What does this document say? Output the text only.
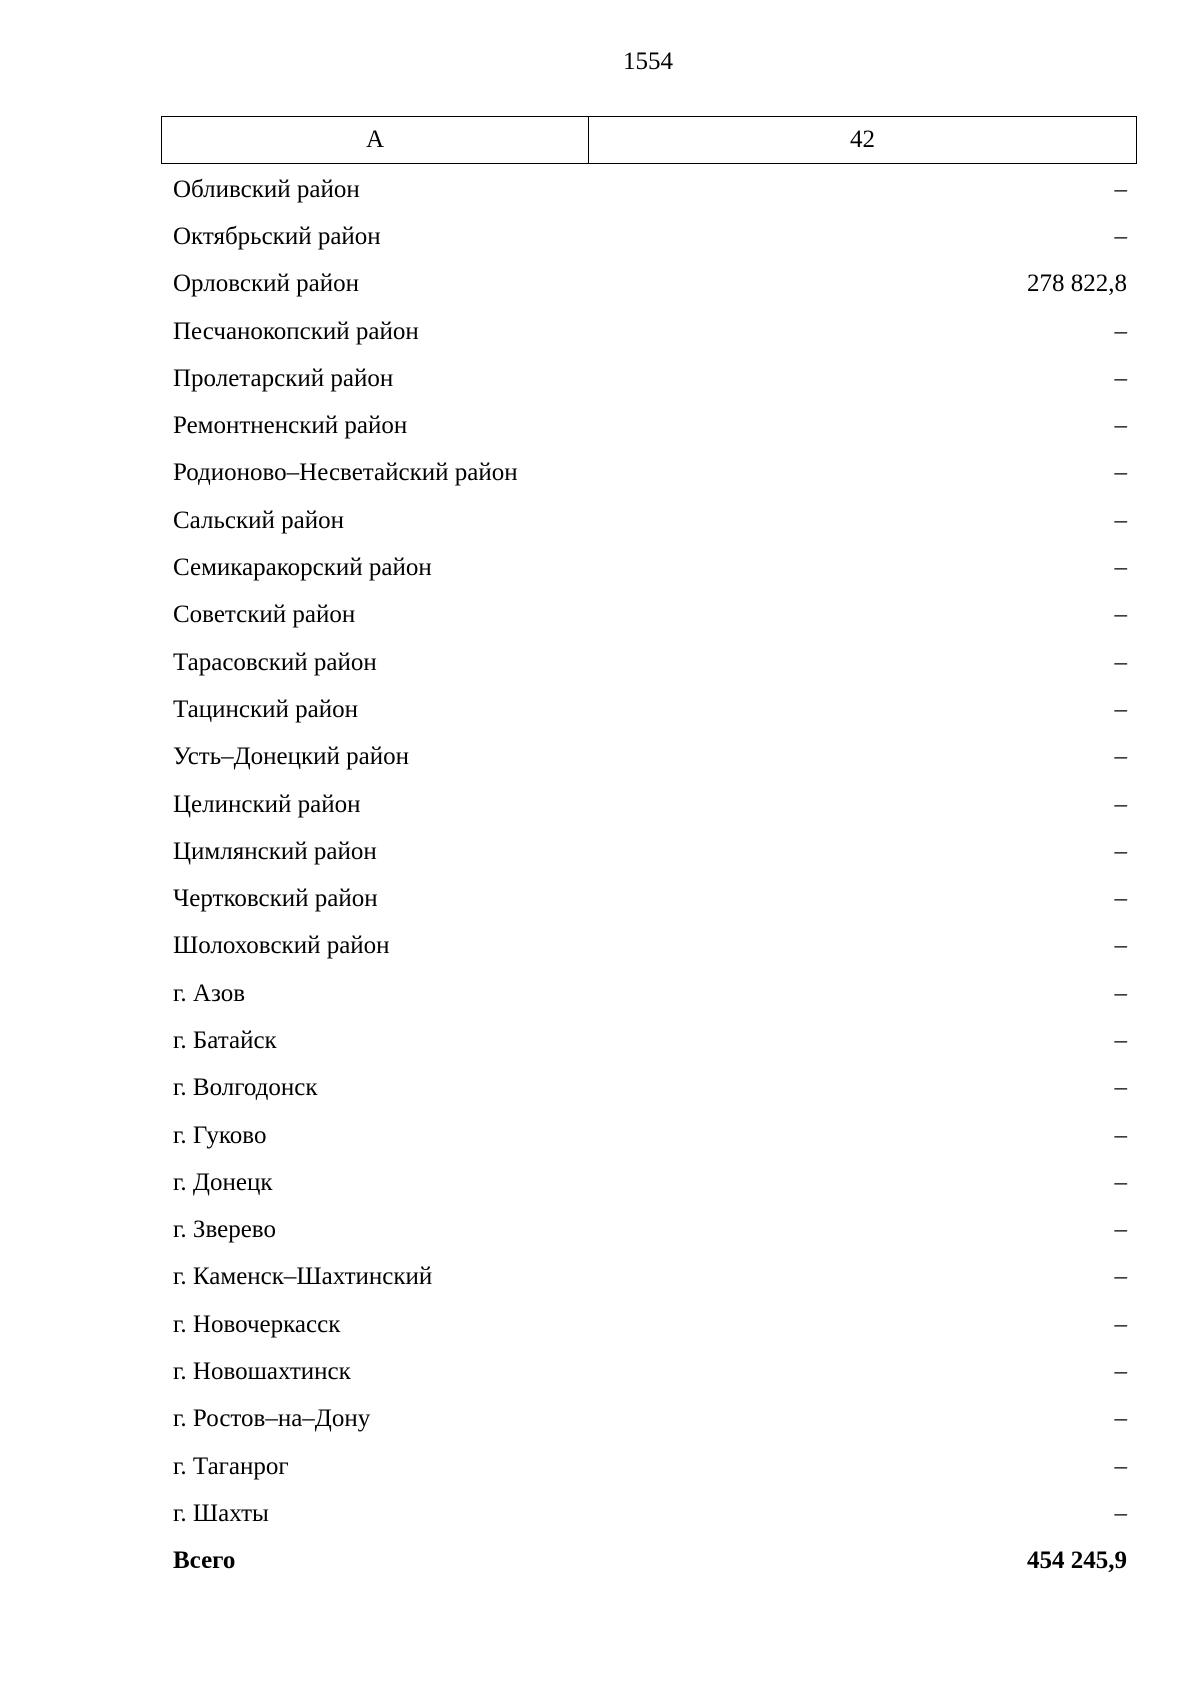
1554
А	42
Обливский район	–
Октябрьский район	–
Орловский район	278 822,8
Песчанокопский район	–
Пролетарский район	–
Ремонтненский район	–
Родионово–Несветайский район	–
Сальский район	–
Семикаракорский район	–
Советский район	–
Тарасовский район	–
Тацинский район	–
Усть–Донецкий район	–
Целинский район	–
Цимлянский район	–
Чертковский район	–
Шолоховский район	–
г. Азов	–
г. Батайск	–
г. Волгодонск	–
г. Гуково	–
г. Донецк	–
г. Зверево	–
г. Каменск–Шахтинский	–
г. Новочеркасск	–
г. Новошахтинск	–
г. Ростов–на–Дону	–
г. Таганрог	–
г. Шахты	–
Всего	454 245,9
